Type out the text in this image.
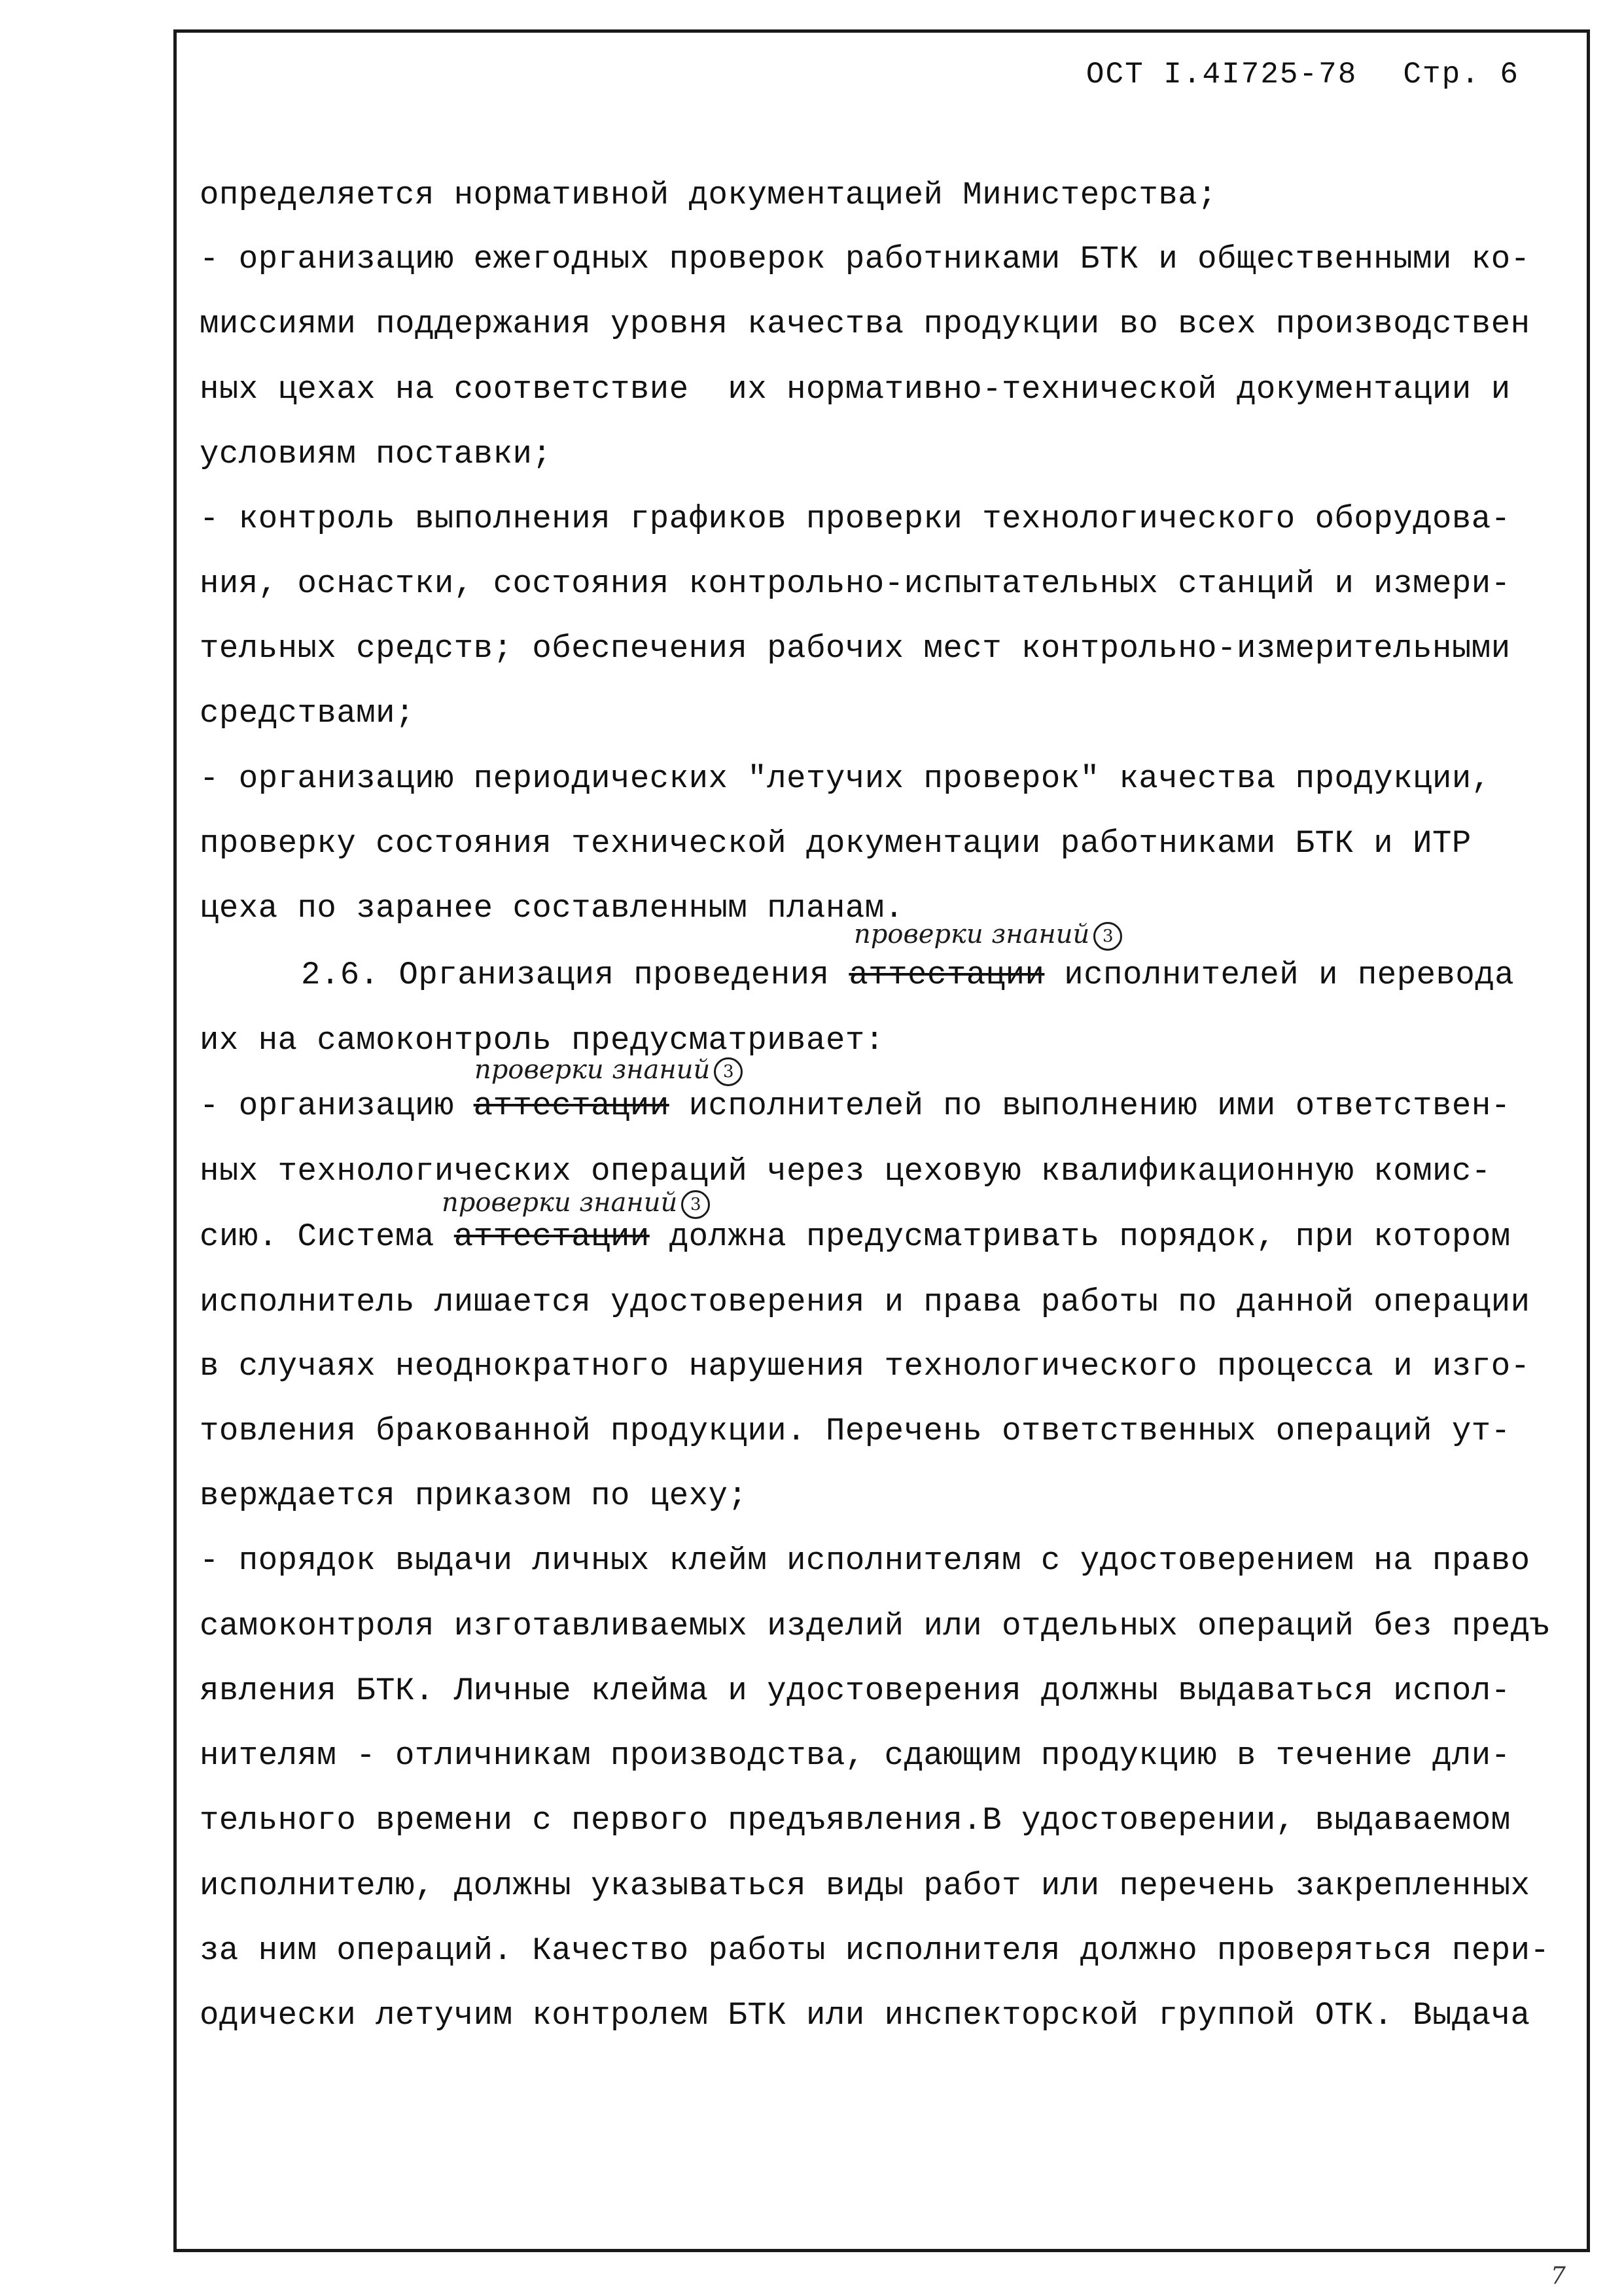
ОСТ I.4I725-78 Стр. 6
определяется нормативной документацией Министерства;
- организацию ежегодных проверок работниками БТК и общественными ко-
миссиями поддержания уровня качества продукции во всех производствен
ных цехах на соответствие  их нормативно-технической документации и
условиям поставки;
- контроль выполнения графиков проверки технологического оборудова-
ния, оснастки, состояния контрольно-испытательных станций и измери-
тельных средств; обеспечения рабочих мест контрольно-измерительными
средствами;
- организацию периодических "летучих проверок" качества продукции,
проверку состояния технической документации работниками БТК и ИТР
цеха по заранее составленным планам.
проверки знаний 3
2.6. Организация проведения аттестации исполнителей и перевода
их на самоконтроль предусматривает:
проверки знаний 3
- организацию аттестации исполнителей по выполнению ими ответствен-
ных технологических операций через цеховую квалификационную комис-
проверки знаний 3
сию. Система аттестации должна предусматривать порядок, при котором
исполнитель лишается удостоверения и права работы по данной операции
в случаях неоднократного нарушения технологического процесса и изго-
товления бракованной продукции. Перечень ответственных операций ут-
верждается приказом по цеху;
- порядок выдачи личных клейм исполнителям с удостоверением на право
самоконтроля изготавливаемых изделий или отдельных операций без предъ
явления БТК. Личные клейма и удостоверения должны выдаваться испол-
нителям - отличникам производства, сдающим продукцию в течение дли-
тельного времени с первого предъявления.В удостоверении, выдаваемом
исполнителю, должны указываться виды работ или перечень закрепленных
за ним операций. Качество работы исполнителя должно проверяться пери-
одически летучим контролем БТК или инспекторской группой ОТК. Выдача
7
